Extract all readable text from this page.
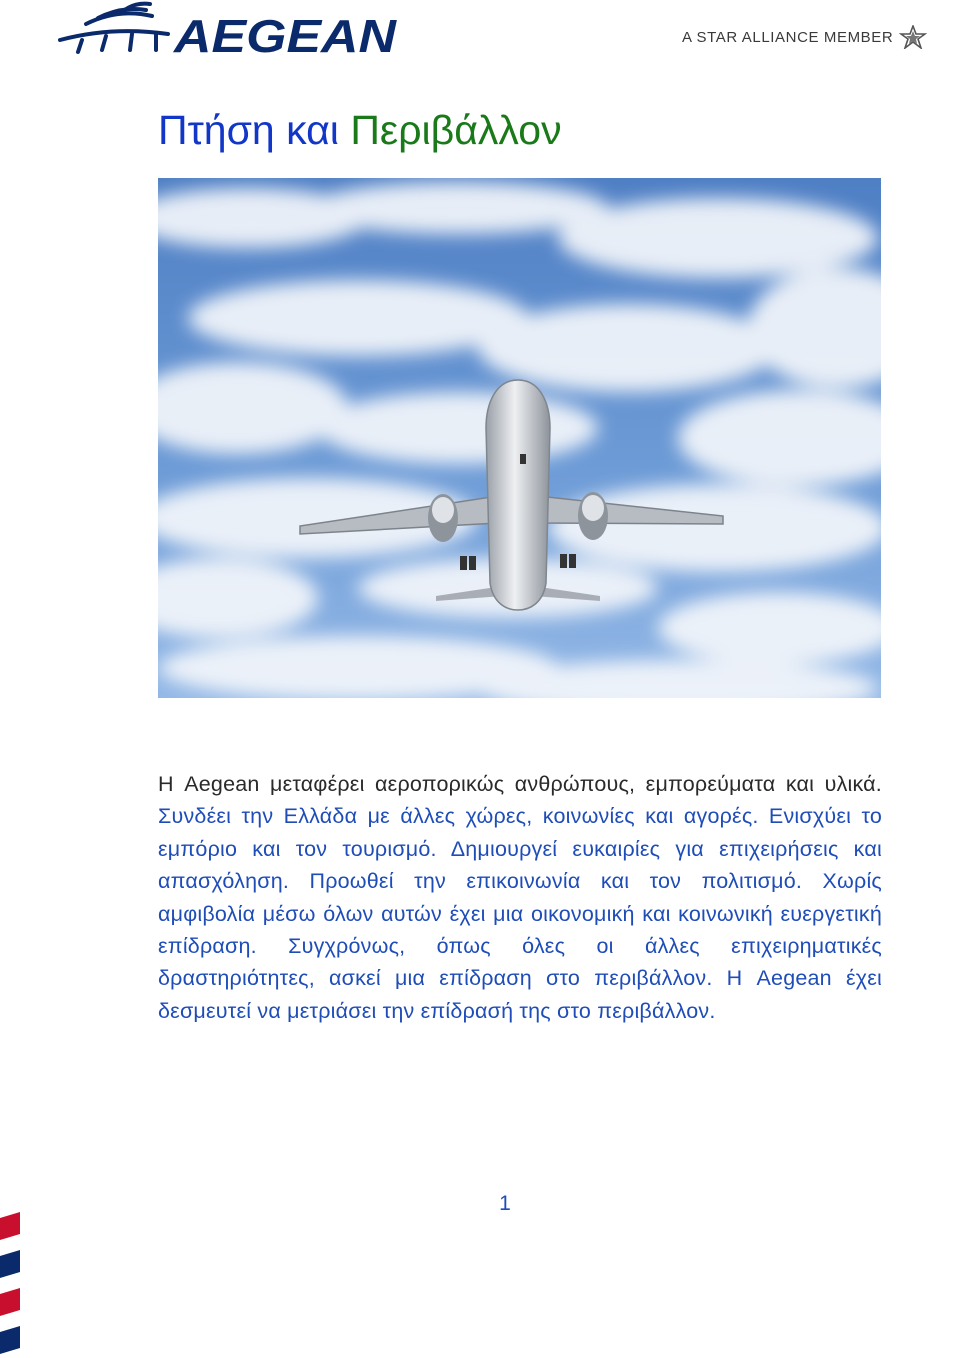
AEGEAN	A STAR ALLIANCE MEMBER
Πτήση και Περιβάλλον

Η Aegean μεταφέρει αεροπορικώς ανθρώπους, εμπορεύματα και υλικά. Συνδέει την Ελλάδα με άλλες χώρες, κοινωνίες και αγορές. Ενισχύει το εμπόριο και τον τουρισμό. Δημιουργεί ευκαιρίες για επιχειρήσεις και απασχόληση. Προωθεί την επικοινωνία και τον πολιτισμό. Χωρίς αμφιβολία μέσω όλων αυτών έχει μια οικονομική και κοινωνική ευεργετική επίδραση. Συγχρόνως, όπως όλες οι άλλες επιχειρηματικές δραστηριότητες, ασκεί μια επίδραση στο περιβάλλον. Η Aegean έχει δεσμευτεί να μετριάσει την επίδρασή της στο περιβάλλον.

1
